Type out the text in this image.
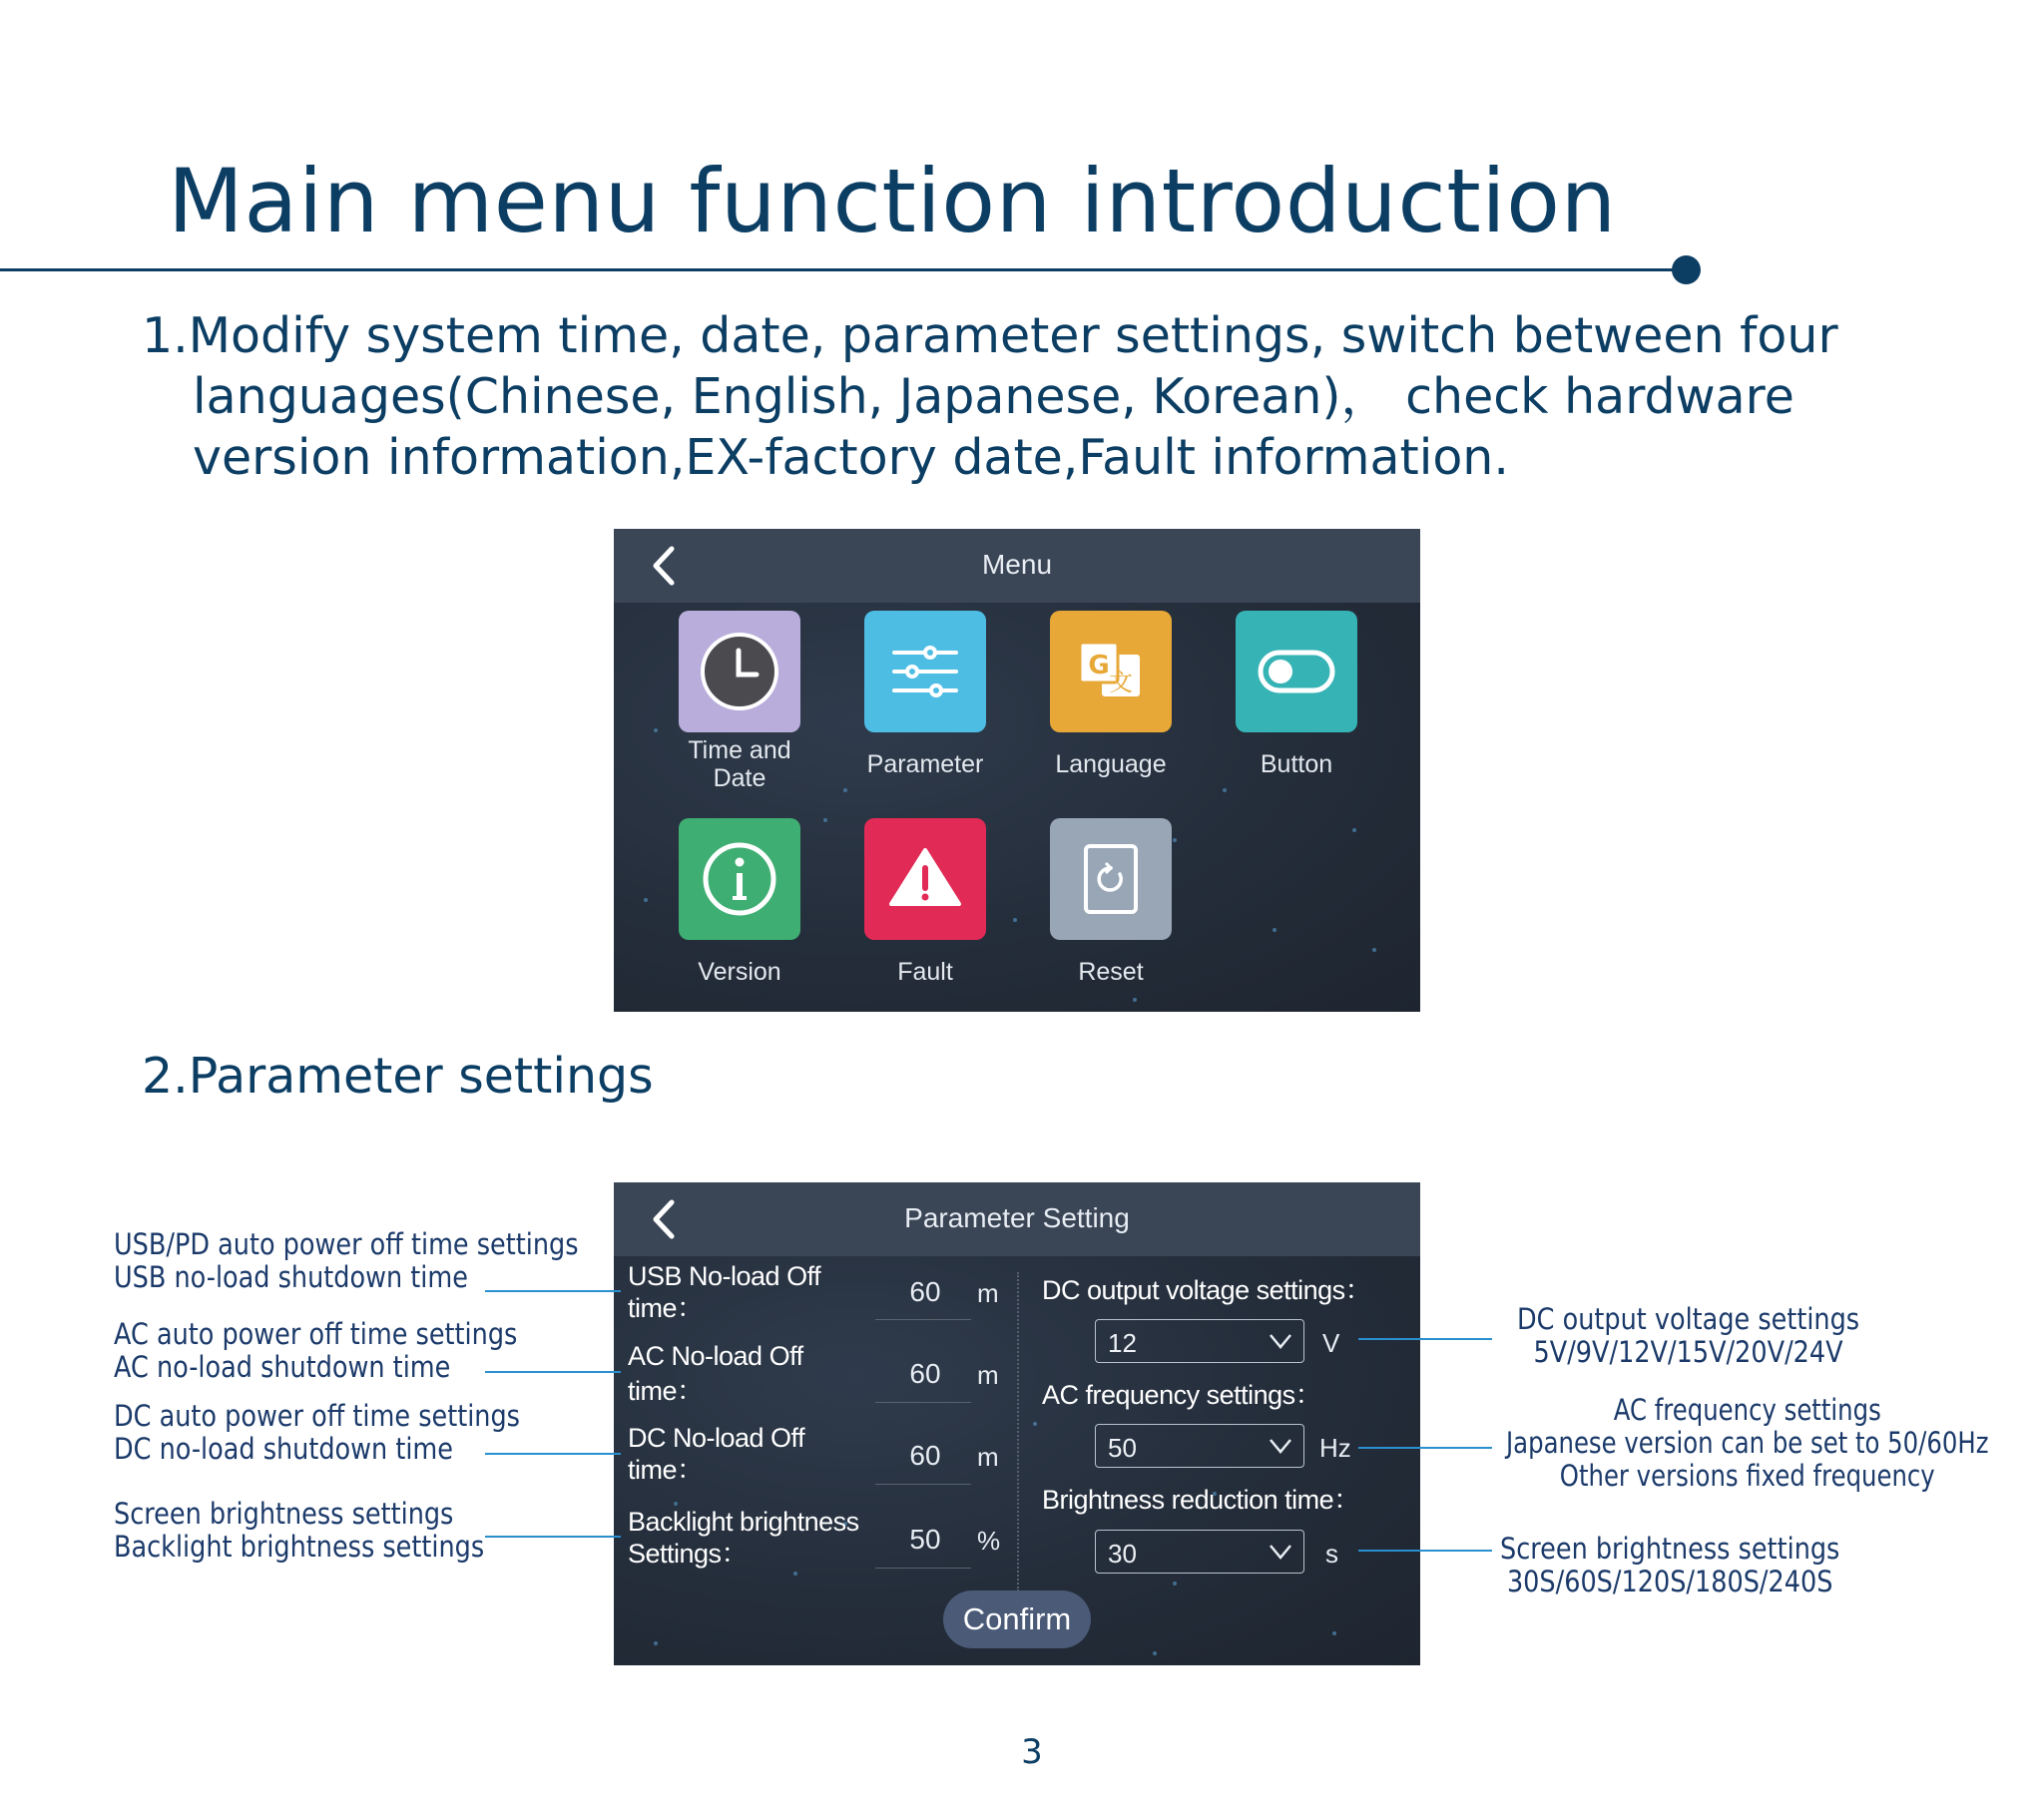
Main menu function introduction
1.Modify system time, date, parameter settings, switch between four
languages(Chinese, English, Japanese, Korean)， check hardware
version information,EX-factory date,Fault information.
Menu
Time and
Date	Parameter
G
文
Language	Button
Version	Fault	Reset
2.Parameter settings
Parameter Setting
USB No-load Off
time：
60	m
AC No-load Off
time：
60	m
DC No-load Off
time：	60	m
Backlight brightness
Settings：	50	%
DC output voltage settings：
12	V
AC frequency settings：
50	Hz
Brightness reduction time：
30	s
Confirm
USB/PD auto power off time settings
USB no-load shutdown time
AC auto power off time settings
AC no-load shutdown time
DC auto power off time settings
DC no-load shutdown time
Screen brightness settings
Backlight brightness settings
DC output voltage settings
5V/9V/12V/15V/20V/24V
AC frequency settings
Japanese version can be set to 50/60Hz
Other versions fixed frequency
Screen brightness settings
30S/60S/120S/180S/240S
3
